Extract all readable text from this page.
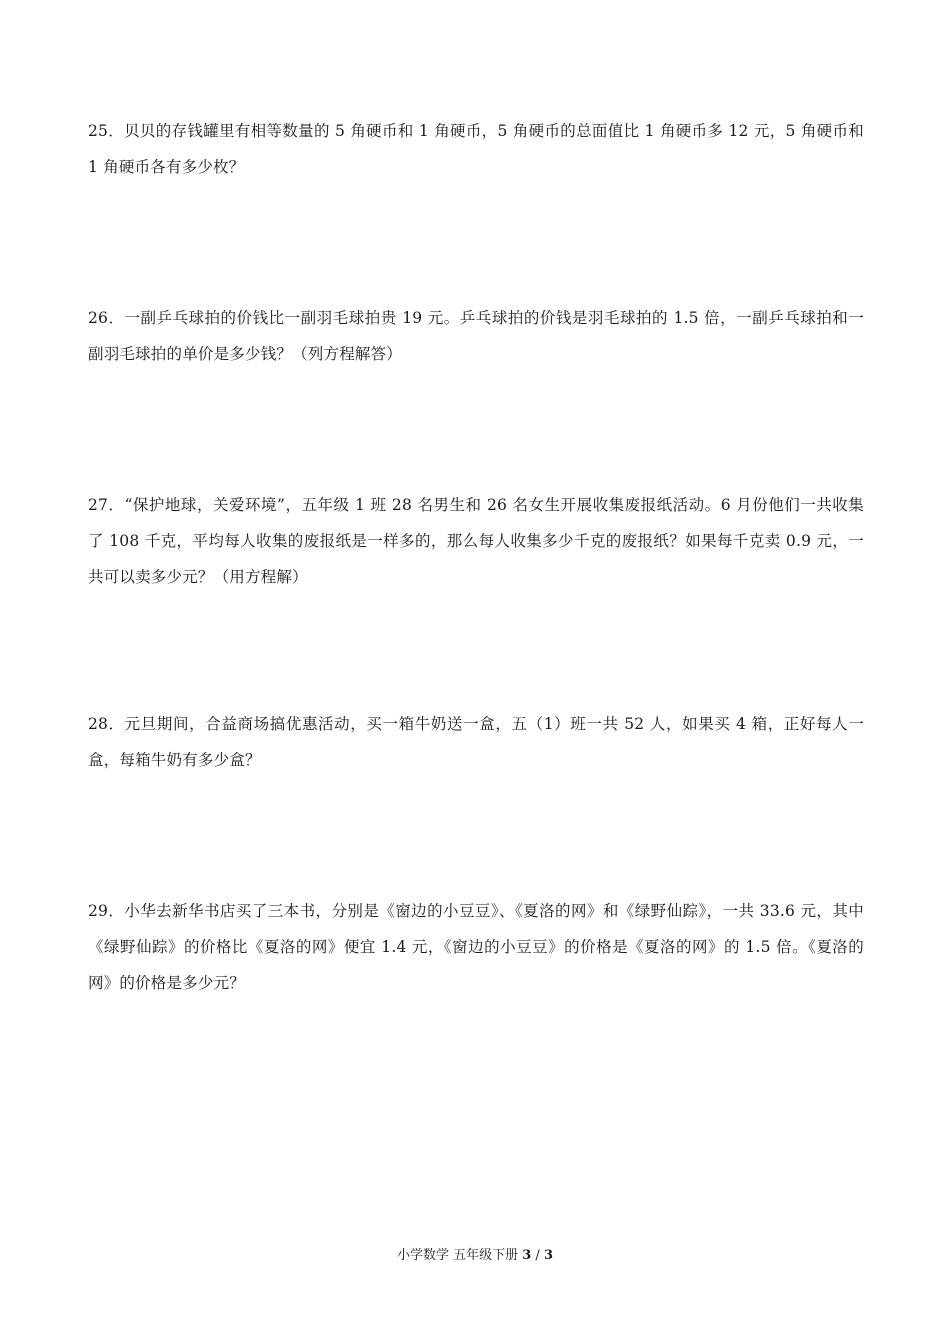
25．贝贝的存钱罐里有相等数量的 5 角硬币和 1 角硬币，5 角硬币的总面值比 1 角硬币多 12 元，5 角硬币和 1 角硬币各有多少枚？

26．一副乒乓球拍的价钱比一副羽毛球拍贵 19 元。乒乓球拍的价钱是羽毛球拍的 1.5 倍，一副乒乓球拍和一副羽毛球拍的单价是多少钱？（列方程解答）

27．“保护地球，关爱环境”，五年级 1 班 28 名男生和 26 名女生开展收集废报纸活动。6 月份他们一共收集了 108 千克，平均每人收集的废报纸是一样多的，那么每人收集多少千克的废报纸？如果每千克卖 0.9 元，一共可以卖多少元？（用方程解）

28．元旦期间，合益商场搞优惠活动，买一箱牛奶送一盒，五（1）班一共 52 人，如果买 4 箱，正好每人一盒，每箱牛奶有多少盒？

29．小华去新华书店买了三本书，分别是《窗边的小豆豆》、《夏洛的网》和《绿野仙踪》，一共 33.6 元，其中《绿野仙踪》的价格比《夏洛的网》便宜 1.4 元，《窗边的小豆豆》的价格是《夏洛的网》的 1.5 倍。《夏洛的网》的价格是多少元？

小学数学 五年级下册 3 / 3
